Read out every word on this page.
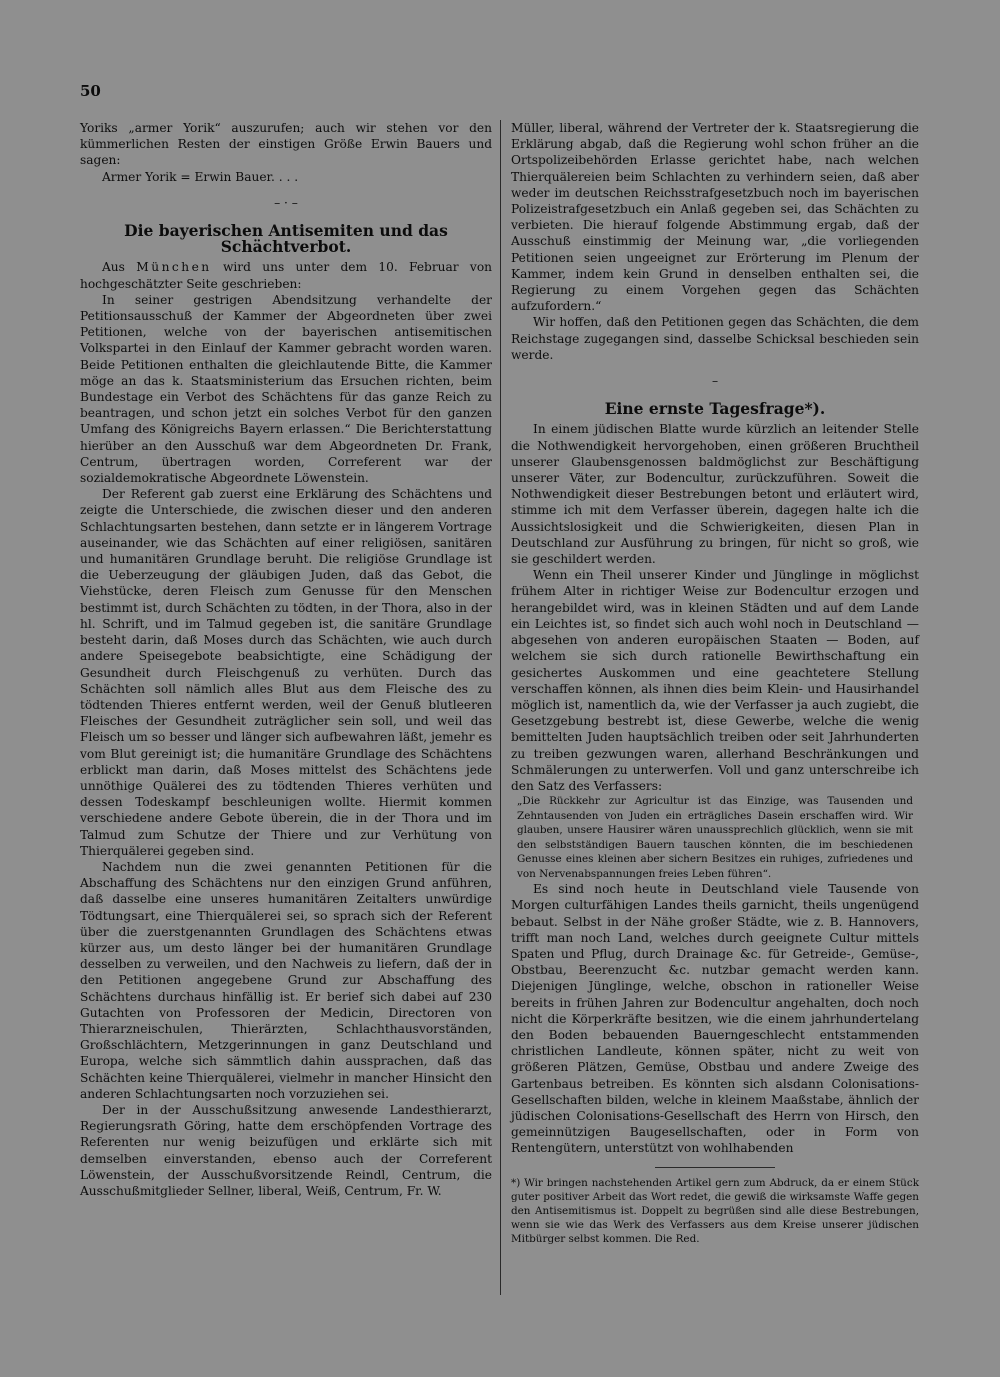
50

Yoriks „armer Yorik“ auszurufen; auch wir stehen vor den kümmerlichen Resten der einstigen Größe Erwin Bauers und sagen:

Armer Yorik = Erwin Bauer. . . .

– · –

Die bayerischen Antisemiten und das Schächtverbot.

Aus München wird uns unter dem 10. Februar von hochgeschätzter Seite geschrieben:

In seiner gestrigen Abendsitzung verhandelte der Petitionsausschuß der Kammer der Abgeordneten über zwei Petitionen, welche von der bayerischen antisemitischen Volkspartei in den Einlauf der Kammer gebracht worden waren. Beide Petitionen enthalten die gleichlautende Bitte, die Kammer möge an das k. Staatsministerium das Ersuchen richten, beim Bundestage ein Verbot des Schächtens für das ganze Reich zu beantragen, und schon jetzt ein solches Verbot für den ganzen Umfang des Königreichs Bayern erlassen.“ Die Berichterstattung hierüber an den Ausschuß war dem Abgeordneten Dr. Frank, Centrum, übertragen worden, Correferent war der sozialdemokratische Abgeordnete Löwenstein.

Der Referent gab zuerst eine Erklärung des Schächtens und zeigte die Unterschiede, die zwischen dieser und den anderen Schlachtungsarten bestehen, dann setzte er in längerem Vortrage auseinander, wie das Schächten auf einer religiösen, sanitären und humanitären Grundlage beruht. Die religiöse Grundlage ist die Ueberzeugung der gläubigen Juden, daß das Gebot, die Viehstücke, deren Fleisch zum Genusse für den Menschen bestimmt ist, durch Schächten zu tödten, in der Thora, also in der hl. Schrift, und im Talmud gegeben ist, die sanitäre Grundlage besteht darin, daß Moses durch das Schächten, wie auch durch andere Speisegebote beabsichtigte, eine Schädigung der Gesundheit durch Fleischgenuß zu verhüten. Durch das Schächten soll nämlich alles Blut aus dem Fleische des zu tödtenden Thieres entfernt werden, weil der Genuß blutleeren Fleisches der Gesundheit zuträglicher sein soll, und weil das Fleisch um so besser und länger sich aufbewahren läßt, jemehr es vom Blut gereinigt ist; die humanitäre Grundlage des Schächtens erblickt man darin, daß Moses mittelst des Schächtens jede unnöthige Quälerei des zu tödtenden Thieres verhüten und dessen Todeskampf beschleunigen wollte. Hiermit kommen verschiedene andere Gebote überein, die in der Thora und im Talmud zum Schutze der Thiere und zur Verhütung von Thierquälerei gegeben sind.

Nachdem nun die zwei genannten Petitionen für die Abschaffung des Schächtens nur den einzigen Grund anführen, daß dasselbe eine unseres humanitären Zeitalters unwürdige Tödtungsart, eine Thierquälerei sei, so sprach sich der Referent über die zuerstgenannten Grundlagen des Schächtens etwas kürzer aus, um desto länger bei der humanitären Grundlage desselben zu verweilen, und den Nachweis zu liefern, daß der in den Petitionen angegebene Grund zur Abschaffung des Schächtens durchaus hinfällig ist. Er berief sich dabei auf 230 Gutachten von Professoren der Medicin, Directoren von Thierarzneischulen, Thierärzten, Schlachthausvorständen, Großschlächtern, Metzgerinnungen in ganz Deutschland und Europa, welche sich sämmtlich dahin aussprachen, daß das Schächten keine Thierquälerei, vielmehr in mancher Hinsicht den anderen Schlachtungsarten noch vorzuziehen sei.

Der in der Ausschußsitzung anwesende Landesthierarzt, Regierungsrath Göring, hatte dem erschöpfenden Vortrage des Referenten nur wenig beizufügen und erklärte sich mit demselben einverstanden, ebenso auch der Correferent Löwenstein, der Ausschußvorsitzende Reindl, Centrum, die Ausschußmitglieder Sellner, liberal, Weiß, Centrum, Fr. W.

Müller, liberal, während der Vertreter der k. Staatsregierung die Erklärung abgab, daß die Regierung wohl schon früher an die Ortspolizeibehörden Erlasse gerichtet habe, nach welchen Thierquälereien beim Schlachten zu verhindern seien, daß aber weder im deutschen Reichsstrafgesetzbuch noch im bayerischen Polizeistrafgesetzbuch ein Anlaß gegeben sei, das Schächten zu verbieten. Die hierauf folgende Abstimmung ergab, daß der Ausschuß einstimmig der Meinung war, „die vorliegenden Petitionen seien ungeeignet zur Erörterung im Plenum der Kammer, indem kein Grund in denselben enthalten sei, die Regierung zu einem Vorgehen gegen das Schächten aufzufordern.“

Wir hoffen, daß den Petitionen gegen das Schächten, die dem Reichstage zugegangen sind, dasselbe Schicksal beschieden sein werde.

–

Eine ernste Tagesfrage*).

In einem jüdischen Blatte wurde kürzlich an leitender Stelle die Nothwendigkeit hervorgehoben, einen größeren Bruchtheil unserer Glaubensgenossen baldmöglichst zur Beschäftigung unserer Väter, zur Bodencultur, zurückzuführen. Soweit die Nothwendigkeit dieser Bestrebungen betont und erläutert wird, stimme ich mit dem Verfasser überein, dagegen halte ich die Aussichtslosigkeit und die Schwierigkeiten, diesen Plan in Deutschland zur Ausführung zu bringen, für nicht so groß, wie sie geschildert werden.

Wenn ein Theil unserer Kinder und Jünglinge in möglichst frühem Alter in richtiger Weise zur Bodencultur erzogen und herangebildet wird, was in kleinen Städten und auf dem Lande ein Leichtes ist, so findet sich auch wohl noch in Deutschland — abgesehen von anderen europäischen Staaten — Boden, auf welchem sie sich durch rationelle Bewirthschaftung ein gesichertes Auskommen und eine geachtetere Stellung verschaffen können, als ihnen dies beim Klein- und Hausirhandel möglich ist, namentlich da, wie der Verfasser ja auch zugiebt, die Gesetzgebung bestrebt ist, diese Gewerbe, welche die wenig bemittelten Juden hauptsächlich treiben oder seit Jahrhunderten zu treiben gezwungen waren, allerhand Beschränkungen und Schmälerungen zu unterwerfen. Voll und ganz unterschreibe ich den Satz des Verfassers:

„Die Rückkehr zur Agricultur ist das Einzige, was Tausenden und Zehntausenden von Juden ein erträgliches Dasein erschaffen wird. Wir glauben, unsere Hausirer wären unaussprechlich glücklich, wenn sie mit den selbstständigen Bauern tauschen könnten, die im beschiedenen Genusse eines kleinen aber sichern Besitzes ein ruhiges, zufriedenes und von Nervenabspannungen freies Leben führen“.

Es sind noch heute in Deutschland viele Tausende von Morgen culturfähigen Landes theils garnicht, theils ungenügend bebaut. Selbst in der Nähe großer Städte, wie z. B. Hannovers, trifft man noch Land, welches durch geeignete Cultur mittels Spaten und Pflug, durch Drainage &c. für Getreide-, Gemüse-, Obstbau, Beerenzucht &c. nutzbar gemacht werden kann. Diejenigen Jünglinge, welche, obschon in rationeller Weise bereits in frühen Jahren zur Bodencultur angehalten, doch noch nicht die Körperkräfte besitzen, wie die einem jahrhundertelang den Boden bebauenden Bauerngeschlecht entstammenden christlichen Landleute, können später, nicht zu weit von größeren Plätzen, Gemüse, Obstbau und andere Zweige des Gartenbaus betreiben. Es könnten sich alsdann Colonisations-Gesellschaften bilden, welche in kleinem Maaßstabe, ähnlich der jüdischen Colonisations-Gesellschaft des Herrn von Hirsch, den gemeinnützigen Baugesellschaften, oder in Form von Rentengütern, unterstützt von wohlhabenden

*) Wir bringen nachstehenden Artikel gern zum Abdruck, da er einem Stück guter positiver Arbeit das Wort redet, die gewiß die wirksamste Waffe gegen den Antisemitismus ist. Doppelt zu begrüßen sind alle diese Bestrebungen, wenn sie wie das Werk des Verfassers aus dem Kreise unserer jüdischen Mitbürger selbst kommen. Die Red.
